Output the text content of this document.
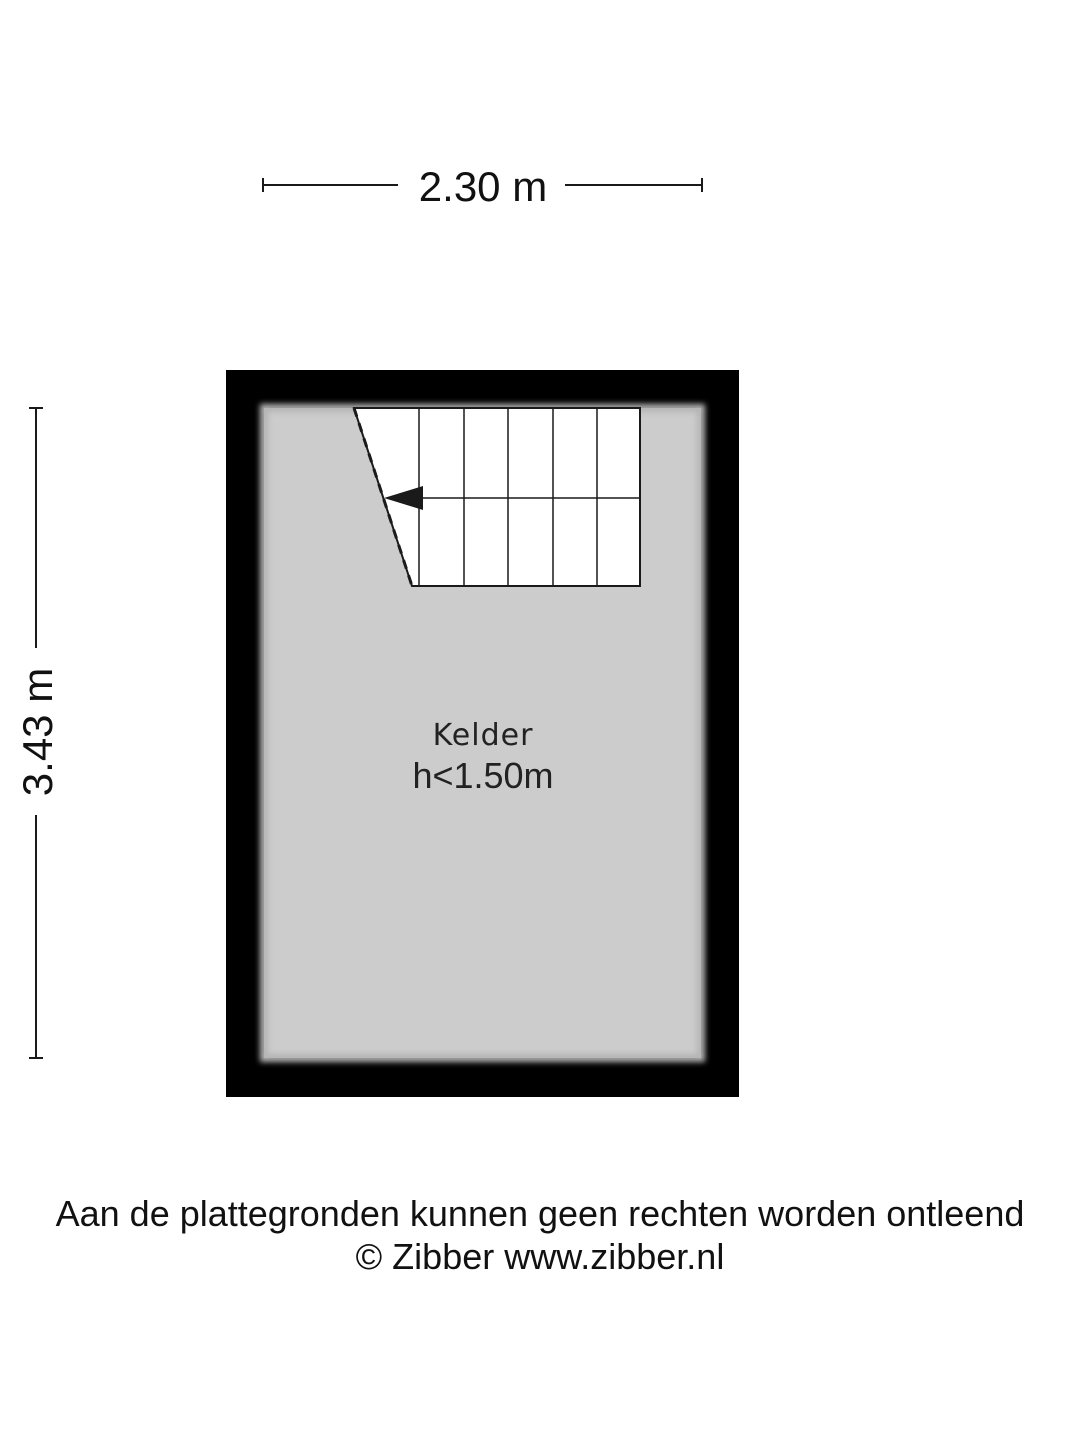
2.30 m
3.43 m	Kelder
h<1.50m
Aan de plattegronden kunnen geen rechten worden ontleend
© Zibber www.zibber.nl
